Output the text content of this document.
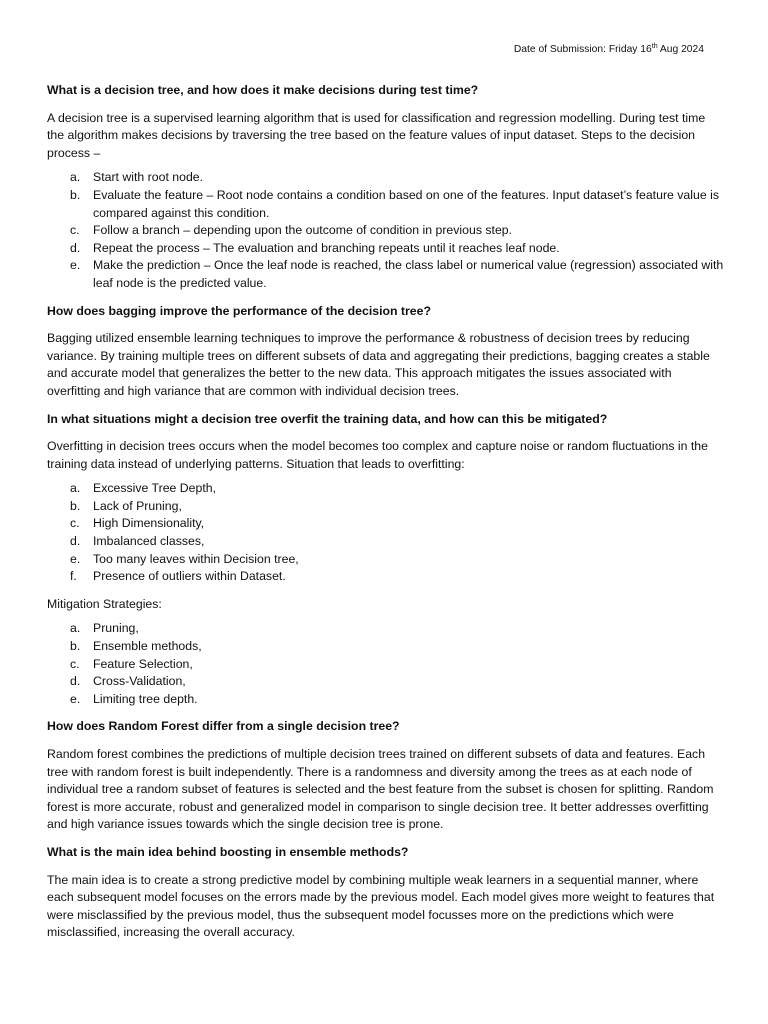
Date of Submission: Friday 16th Aug 2024
What is a decision tree, and how does it make decisions during test time?

A decision tree is a supervised learning algorithm that is used for classification and regression modelling. During test time the algorithm makes decisions by traversing the tree based on the feature values of input dataset. Steps to the decision process –

a. Start with root node.
b. Evaluate the feature – Root node contains a condition based on one of the features. Input dataset’s feature value is compared against this condition.
c. Follow a branch – depending upon the outcome of condition in previous step.
d. Repeat the process – The evaluation and branching repeats until it reaches leaf node.
e. Make the prediction – Once the leaf node is reached, the class label or numerical value (regression) associated with leaf node is the predicted value.
How does bagging improve the performance of the decision tree?

Bagging utilized ensemble learning techniques to improve the performance & robustness of decision trees by reducing variance. By training multiple trees on different subsets of data and aggregating their predictions, bagging creates a stable and accurate model that generalizes the better to the new data. This approach mitigates the issues associated with overfitting and high variance that are common with individual decision trees.

In what situations might a decision tree overfit the training data, and how can this be mitigated?

Overfitting in decision trees occurs when the model becomes too complex and capture noise or random fluctuations in the training data instead of underlying patterns. Situation that leads to overfitting:

a. Excessive Tree Depth,
b. Lack of Pruning,
c. High Dimensionality,
d. Imbalanced classes,
e. Too many leaves within Decision tree,
f. Presence of outliers within Dataset.

Mitigation Strategies:

a. Pruning,
b. Ensemble methods,
c. Feature Selection,
d. Cross-Validation,
e. Limiting tree depth.
How does Random Forest differ from a single decision tree?

Random forest combines the predictions of multiple decision trees trained on different subsets of data and features. Each tree with random forest is built independently. There is a randomness and diversity among the trees as at each node of individual tree a random subset of features is selected and the best feature from the subset is chosen for splitting. Random forest is more accurate, robust and generalized model in comparison to single decision tree. It better addresses overfitting and high variance issues towards which the single decision tree is prone.

What is the main idea behind boosting in ensemble methods?

The main idea is to create a strong predictive model by combining multiple weak learners in a sequential manner, where each subsequent model focuses on the errors made by the previous model. Each model gives more weight to features that were misclassified by the previous model, thus the subsequent model focusses more on the predictions which were misclassified, increasing the overall accuracy.
